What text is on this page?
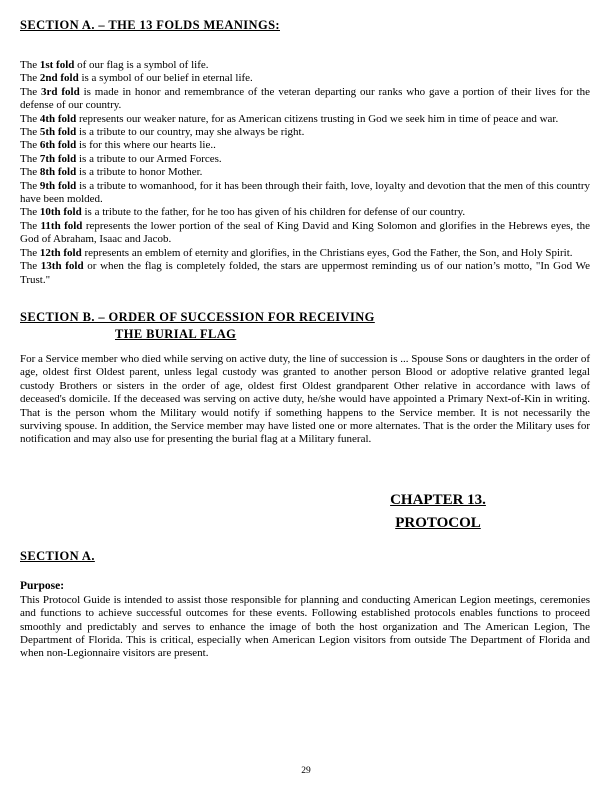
SECTION A. – THE 13 FOLDS MEANINGS:
The 1st fold of our flag is a symbol of life.
The 2nd fold is a symbol of our belief in eternal life.
The 3rd fold is made in honor and remembrance of the veteran departing our ranks who gave a portion of their lives for the defense of our country.
The 4th fold represents our weaker nature, for as American citizens trusting in God we seek him in time of peace and war.
The 5th fold is a tribute to our country, may she always be right.
The 6th fold is for this where our hearts lie..
The 7th fold is a tribute to our Armed Forces.
The 8th fold is a tribute to honor Mother.
The 9th fold is a tribute to womanhood, for it has been through their faith, love, loyalty and devotion that the men of this country have been molded.
The 10th fold is a tribute to the father, for he too has given of his children for defense of our country.
The 11th fold represents the lower portion of the seal of King David and King Solomon and glorifies in the Hebrews eyes, the God of Abraham, Isaac and Jacob.
The 12th fold represents an emblem of eternity and glorifies, in the Christians eyes, God the Father, the Son, and Holy Spirit.
The 13th fold or when the flag is completely folded, the stars are uppermost reminding us of our nation’s motto, "In God We Trust."
SECTION B. – ORDER OF SUCCESSION FOR RECEIVING
THE BURIAL FLAG

For a Service member who died while serving on active duty, the line of succession is ... Spouse Sons or daughters in the order of age, oldest first Oldest parent, unless legal custody was granted to another person Blood or adoptive relative granted legal custody Brothers or sisters in the order of age, oldest first Oldest grandparent Other relative in accordance with laws of deceased's domicile. If the deceased was serving on active duty, he/she would have appointed a Primary Next-of-Kin in writing. That is the person whom the Military would notify if something happens to the Service member. It is not necessarily the surviving spouse. In addition, the Service member may have listed one or more alternates. That is the order the Military uses for notification and may also use for presenting the burial flag at a Military funeral.

CHAPTER 13.
PROTOCOL
SECTION A.
Purpose:

This Protocol Guide is intended to assist those responsible for planning and conducting American Legion meetings, ceremonies and functions to achieve successful outcomes for these events. Following established protocols enables functions to proceed smoothly and predictably and serves to enhance the image of both the host organization and The American Legion, The Department of Florida. This is critical, especially when American Legion visitors from outside The Department of Florida and when non-Legionnaire visitors are present.

29
